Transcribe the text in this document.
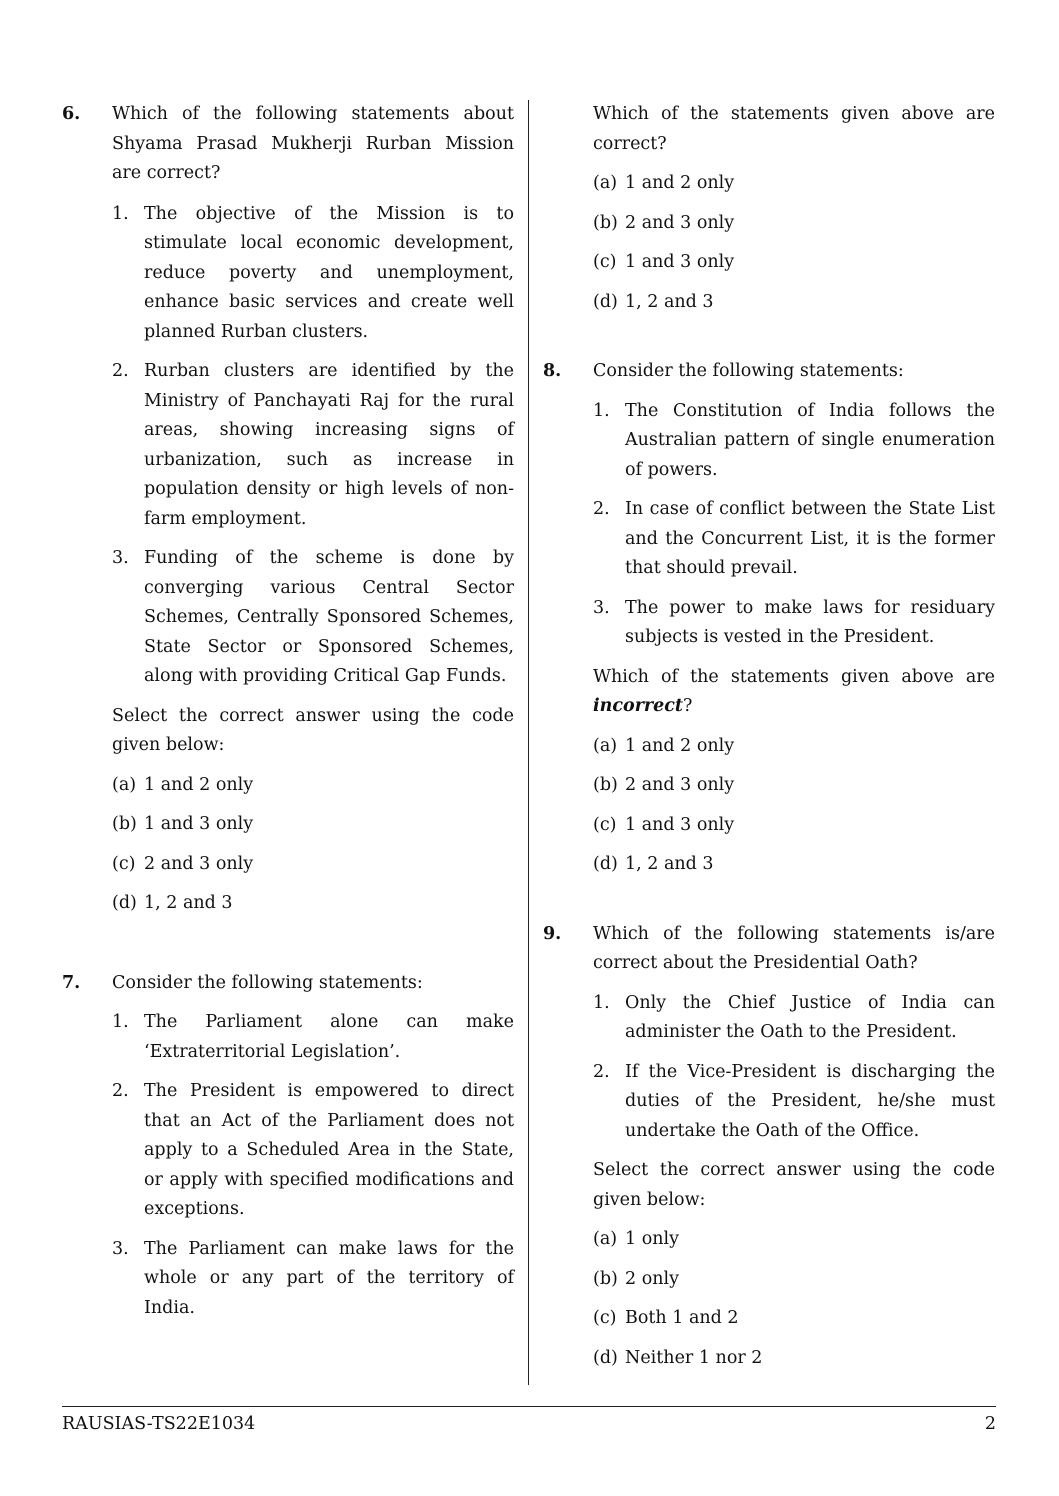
6. Which of the following statements about Shyama Prasad Mukherji Rurban Mission are correct?
1. The objective of the Mission is to stimulate local economic development, reduce poverty and unemployment, enhance basic services and create well planned Rurban clusters.
2. Rurban clusters are identified by the Ministry of Panchayati Raj for the rural areas, showing increasing signs of urbanization, such as increase in population density or high levels of non-farm employment.
3. Funding of the scheme is done by converging various Central Sector Schemes, Centrally Sponsored Schemes, State Sector or Sponsored Schemes, along with providing Critical Gap Funds.
Select the correct answer using the code given below:
(a) 1 and 2 only
(b) 1 and 3 only
(c) 2 and 3 only
(d) 1, 2 and 3
7. Consider the following statements:
1. The Parliament alone can make ‘Extraterritorial Legislation’.
2. The President is empowered to direct that an Act of the Parliament does not apply to a Scheduled Area in the State, or apply with specified modifications and exceptions.
3. The Parliament can make laws for the whole or any part of the territory of India.
Which of the statements given above are correct?
(a) 1 and 2 only
(b) 2 and 3 only
(c) 1 and 3 only
(d) 1, 2 and 3
8. Consider the following statements:
1. The Constitution of India follows the Australian pattern of single enumeration of powers.
2. In case of conflict between the State List and the Concurrent List, it is the former that should prevail.
3. The power to make laws for residuary subjects is vested in the President.
Which of the statements given above are incorrect?
(a) 1 and 2 only
(b) 2 and 3 only
(c) 1 and 3 only
(d) 1, 2 and 3
9. Which of the following statements is/are correct about the Presidential Oath?
1. Only the Chief Justice of India can administer the Oath to the President.
2. If the Vice-President is discharging the duties of the President, he/she must undertake the Oath of the Office.
Select the correct answer using the code given below:
(a) 1 only
(b) 2 only
(c) Both 1 and 2
(d) Neither 1 nor 2
RAUSIAS-TS22E1034	2
